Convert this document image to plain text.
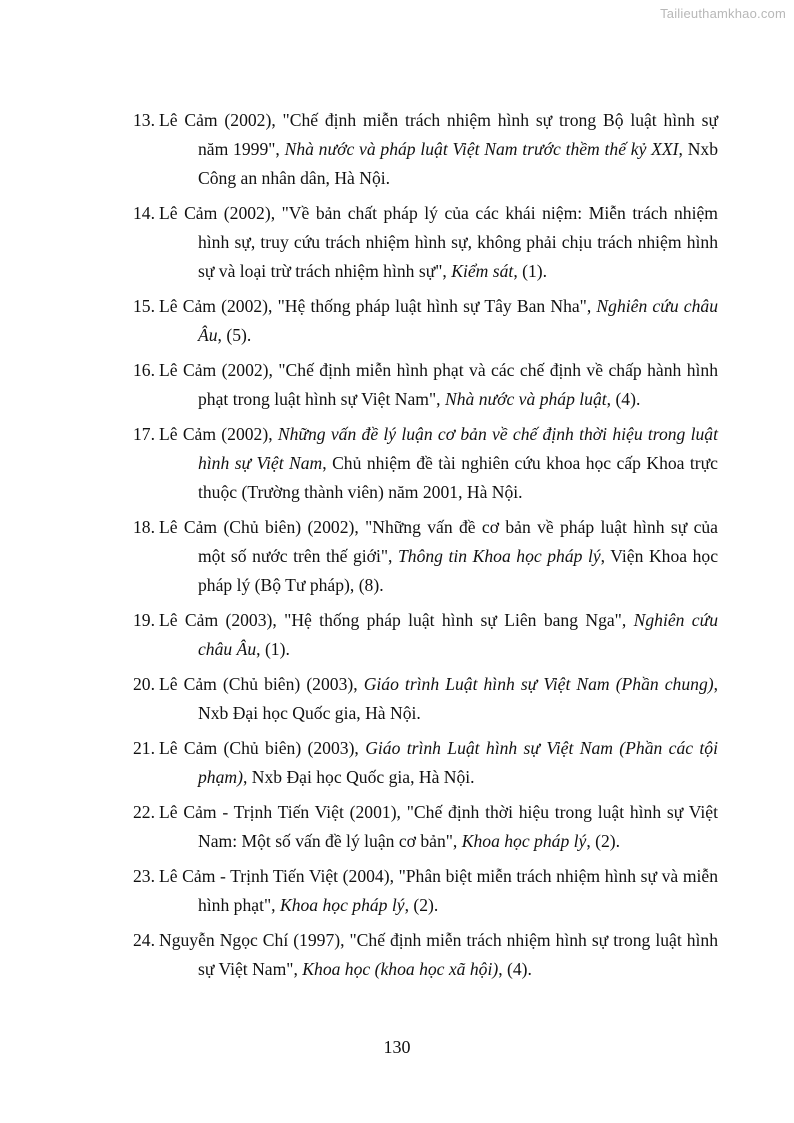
Tailieuthamkhao.com
13. Lê Cảm (2002), "Chế định miễn trách nhiệm hình sự trong Bộ luật hình sự năm 1999", Nhà nước và pháp luật Việt Nam trước thềm thế kỷ XXI, Nxb Công an nhân dân, Hà Nội.
14. Lê Cảm (2002), "Về bản chất pháp lý của các khái niệm: Miễn trách nhiệm hình sự, truy cứu trách nhiệm hình sự, không phải chịu trách nhiệm hình sự và loại trừ trách nhiệm hình sự", Kiểm sát, (1).
15. Lê Cảm (2002), "Hệ thống pháp luật hình sự Tây Ban Nha", Nghiên cứu châu Âu, (5).
16. Lê Cảm (2002), "Chế định miễn hình phạt và các chế định về chấp hành hình phạt trong luật hình sự Việt Nam", Nhà nước và pháp luật, (4).
17. Lê Cảm (2002), Những vấn đề lý luận cơ bản về chế định thời hiệu trong luật hình sự Việt Nam, Chủ nhiệm đề tài nghiên cứu khoa học cấp Khoa trực thuộc (Trường thành viên) năm 2001, Hà Nội.
18. Lê Cảm (Chủ biên) (2002), "Những vấn đề cơ bản về pháp luật hình sự của một số nước trên thế giới", Thông tin Khoa học pháp lý, Viện Khoa học pháp lý (Bộ Tư pháp), (8).
19. Lê Cảm (2003), "Hệ thống pháp luật hình sự Liên bang Nga", Nghiên cứu châu Âu, (1).
20. Lê Cảm (Chủ biên) (2003), Giáo trình Luật hình sự Việt Nam (Phần chung), Nxb Đại học Quốc gia, Hà Nội.
21. Lê Cảm (Chủ biên) (2003), Giáo trình Luật hình sự Việt Nam (Phần các tội phạm), Nxb Đại học Quốc gia, Hà Nội.
22. Lê Cảm - Trịnh Tiến Việt (2001), "Chế định thời hiệu trong luật hình sự Việt Nam: Một số vấn đề lý luận cơ bản", Khoa học pháp lý, (2).
23. Lê Cảm - Trịnh Tiến Việt (2004), "Phân biệt miễn trách nhiệm hình sự và miễn hình phạt", Khoa học pháp lý, (2).
24. Nguyễn Ngọc Chí (1997), "Chế định miễn trách nhiệm hình sự trong luật hình sự Việt Nam", Khoa học (khoa học xã hội), (4).
130
